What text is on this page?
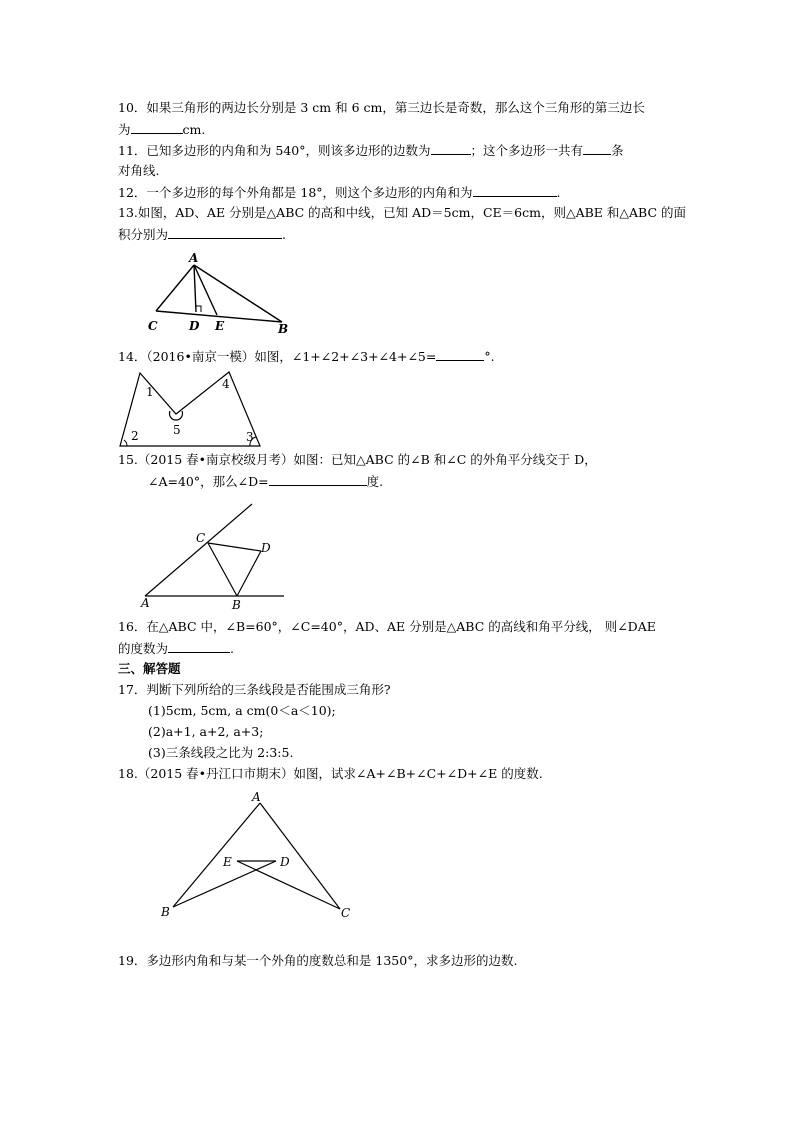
10．如果三角形的两边长分别是 3 cm 和 6 cm，第三边长是奇数，那么这个三角形的第三边长
为	cm.
11．已知多边形的内角和为 540°，则该多边形的边数为	；这个多边形一共有 条
对角线.
12．一个多边形的每个外角都是 18°，则这个多边形的内角和为	.
13.如图，AD、AE 分别是△ABC 的高和中线，已知 AD＝5cm，CE＝6cm，则△ABE 和△ABC 的面
积分别为	.
A
C	D E	B
1
2	3
4
5
A	B
C
D
A
B	C
D
E
14．（2016•南京一模）如图，∠1+∠2+∠3+∠4+∠5=	°.
15.（2015 春•南京校级月考）如图：已知△ABC 的∠B 和∠C 的外角平分线交于 D，
∠A=40°，那么∠D=	度.
16．在△ABC 中，∠B=60°，∠C=40°，AD、AE 分别是△ABC 的高线和角平分线， 则∠DAE
的度数为	.
三、解答题
17．判断下列所给的三条线段是否能围成三角形?
(1)5cm, 5cm, a cm(0＜a＜10);
(2)a+1, a+2, a+3;
(3)三条线段之比为 2:3:5.
18.（2015 春•丹江口市期末）如图，试求∠A+∠B+∠C+∠D+∠E 的度数.
19．多边形内角和与某一个外角的度数总和是 1350°，求多边形的边数.
